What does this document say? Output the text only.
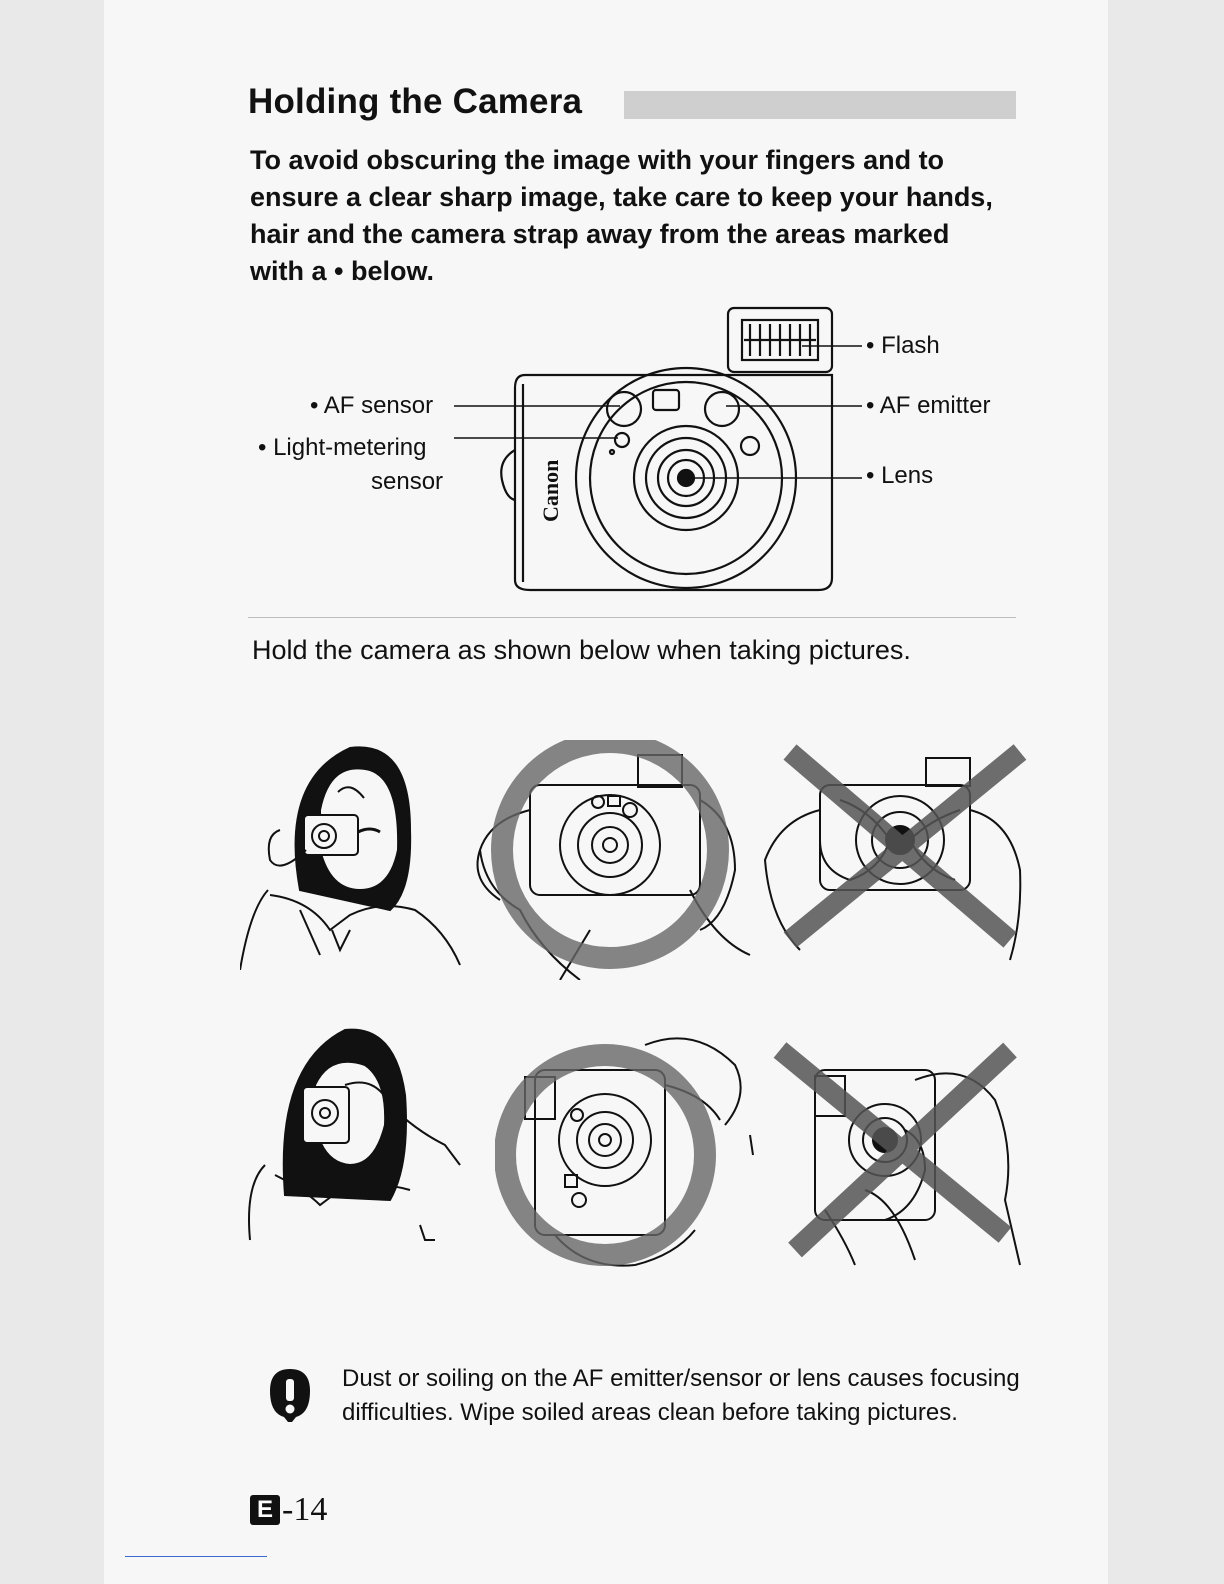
Holding the Camera
To avoid obscuring the image with your fingers and to ensure a clear sharp image, take care to keep your hands, hair and the camera strap away from the areas marked with a • below.
Canon
• AF sensor
• Light-metering
sensor
• Flash
• AF emitter
• Lens
Hold the camera as shown below when taking pictures.
Dust or soiling on the AF emitter/sensor or lens causes focusing difficulties. Wipe soiled areas clean before taking pictures.
E -14
